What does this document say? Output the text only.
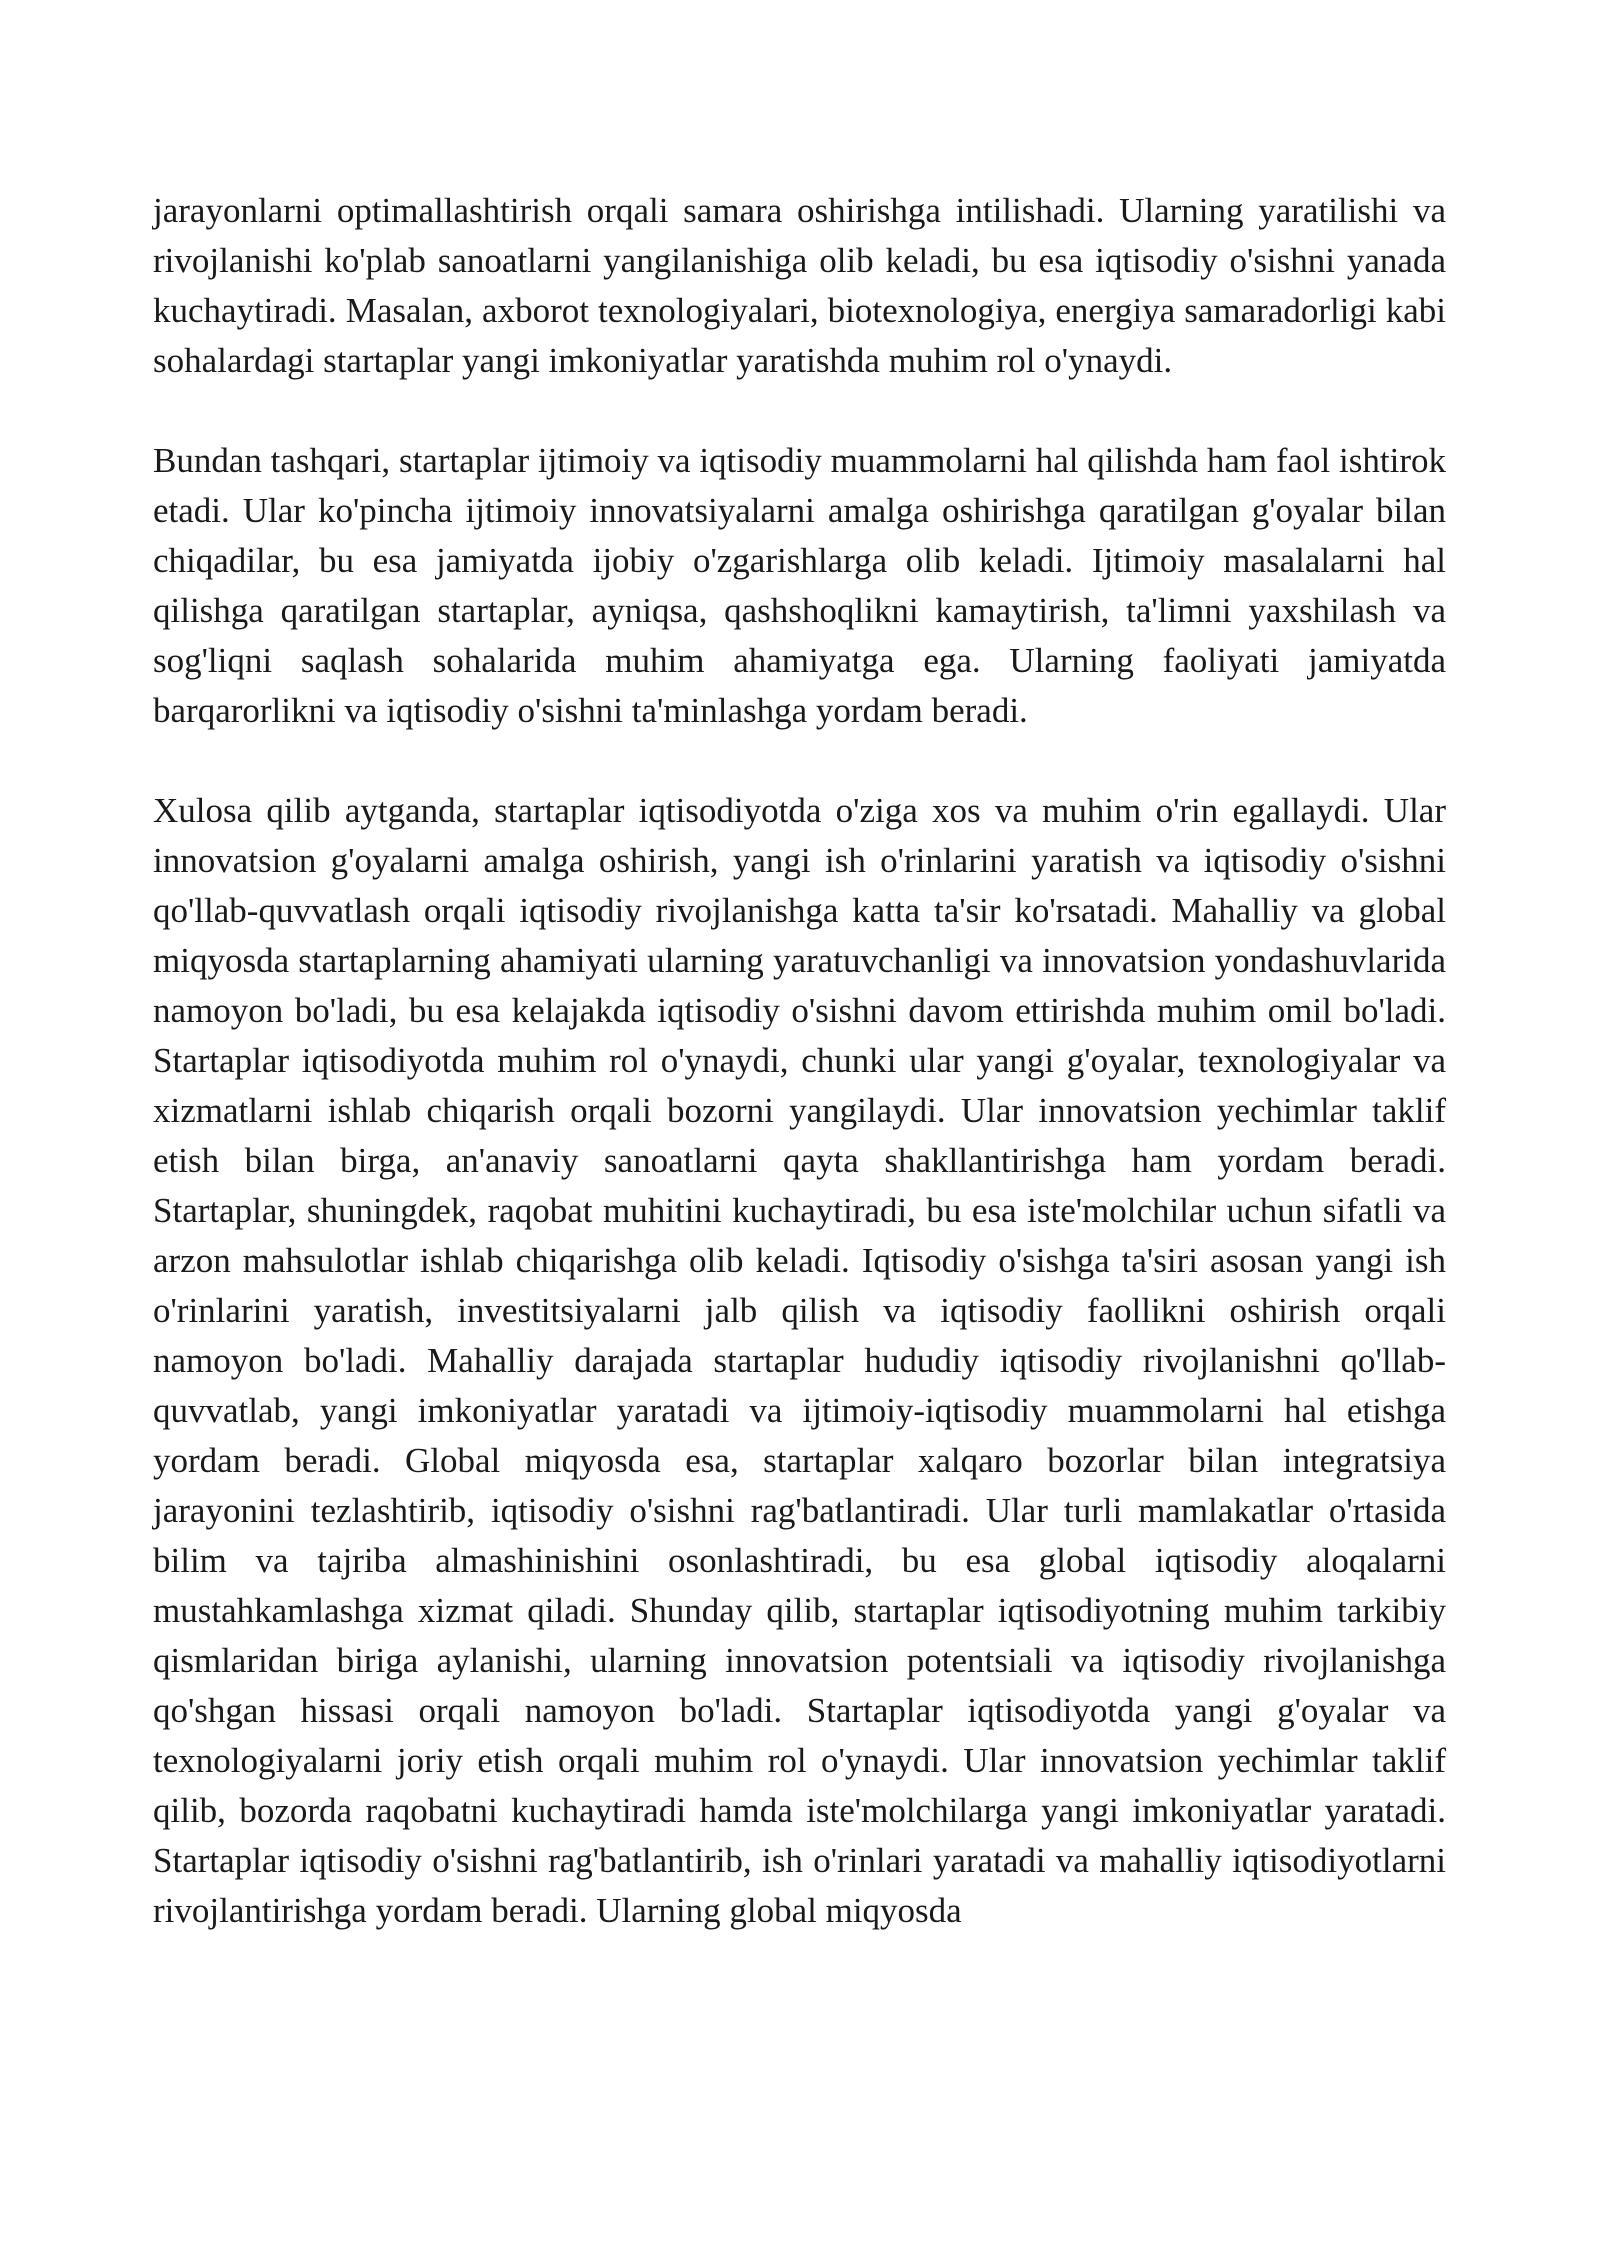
jarayonlarni optimallashtirish orqali samara oshirishga intilishadi. Ularning yaratilishi va rivojlanishi ko'plab sanoatlarni yangilanishiga olib keladi, bu esa iqtisodiy o'sishni yanada kuchaytiradi. Masalan, axborot texnologiyalari, biotexnologiya, energiya samaradorligi kabi sohalardagi startaplar yangi imkoniyatlar yaratishda muhim rol o'ynaydi.

Bundan tashqari, startaplar ijtimoiy va iqtisodiy muammolarni hal qilishda ham faol ishtirok etadi. Ular ko'pincha ijtimoiy innovatsiyalarni amalga oshirishga qaratilgan g'oyalar bilan chiqadilar, bu esa jamiyatda ijobiy o'zgarishlarga olib keladi. Ijtimoiy masalalarni hal qilishga qaratilgan startaplar, ayniqsa, qashshoqlikni kamaytirish, ta'limni yaxshilash va sog'liqni saqlash sohalarida muhim ahamiyatga ega. Ularning faoliyati jamiyatda barqarorlikni va iqtisodiy o'sishni ta'minlashga yordam beradi.

Xulosa qilib aytganda, startaplar iqtisodiyotda o'ziga xos va muhim o'rin egallaydi. Ular innovatsion g'oyalarni amalga oshirish, yangi ish o'rinlarini yaratish va iqtisodiy o'sishni qo'llab-quvvatlash orqali iqtisodiy rivojlanishga katta ta'sir ko'rsatadi. Mahalliy va global miqyosda startaplarning ahamiyati ularning yaratuvchanligi va innovatsion yondashuvlarida namoyon bo'ladi, bu esa kelajakda iqtisodiy o'sishni davom ettirishda muhim omil bo'ladi. Startaplar iqtisodiyotda muhim rol o'ynaydi, chunki ular yangi g'oyalar, texnologiyalar va xizmatlarni ishlab chiqarish orqali bozorni yangilaydi. Ular innovatsion yechimlar taklif etish bilan birga, an'anaviy sanoatlarni qayta shakllantirishga ham yordam beradi. Startaplar, shuningdek, raqobat muhitini kuchaytiradi, bu esa iste'molchilar uchun sifatli va arzon mahsulotlar ishlab chiqarishga olib keladi. Iqtisodiy o'sishga ta'siri asosan yangi ish o'rinlarini yaratish, investitsiyalarni jalb qilish va iqtisodiy faollikni oshirish orqali namoyon bo'ladi. Mahalliy darajada startaplar hududiy iqtisodiy rivojlanishni qo'llab-quvvatlab, yangi imkoniyatlar yaratadi va ijtimoiy-iqtisodiy muammolarni hal etishga yordam beradi. Global miqyosda esa, startaplar xalqaro bozorlar bilan integratsiya jarayonini tezlashtirib, iqtisodiy o'sishni rag'batlantiradi. Ular turli mamlakatlar o'rtasida bilim va tajriba almashinishini osonlashtiradi, bu esa global iqtisodiy aloqalarni mustahkamlashga xizmat qiladi. Shunday qilib, startaplar iqtisodiyotning muhim tarkibiy qismlaridan biriga aylanishi, ularning innovatsion potentsiali va iqtisodiy rivojlanishga qo'shgan hissasi orqali namoyon bo'ladi. Startaplar iqtisodiyotda yangi g'oyalar va texnologiyalarni joriy etish orqali muhim rol o'ynaydi. Ular innovatsion yechimlar taklif qilib, bozorda raqobatni kuchaytiradi hamda iste'molchilarga yangi imkoniyatlar yaratadi. Startaplar iqtisodiy o'sishni rag'batlantirib, ish o'rinlari yaratadi va mahalliy iqtisodiyotlarni rivojlantirishga yordam beradi. Ularning global miqyosda
